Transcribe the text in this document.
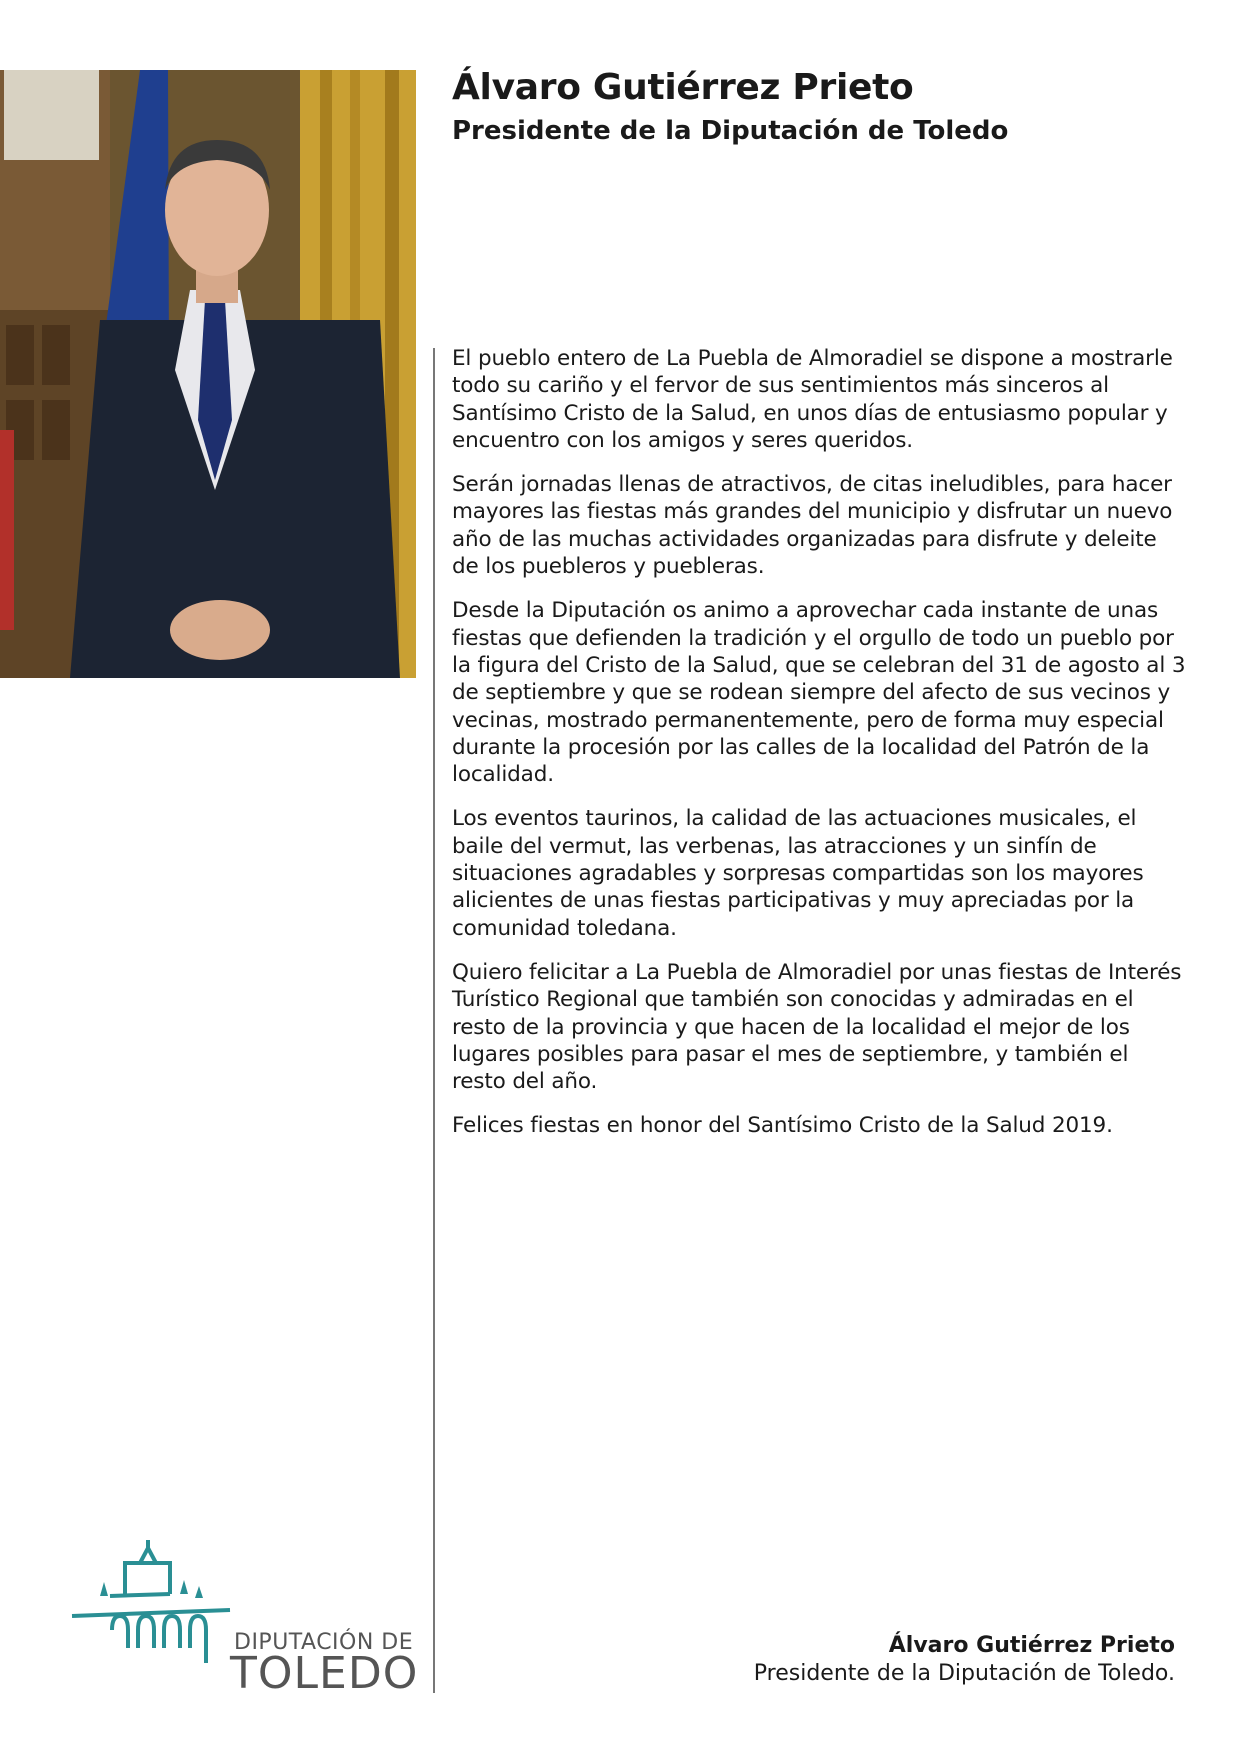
Álvaro Gutiérrez Prieto
Presidente de la Diputación de Toledo

El pueblo entero de La Puebla de Almoradiel se dispone a mostrarle todo su cariño y el fervor de sus sentimientos más sinceros al Santísimo Cristo de la Salud, en unos días de entusiasmo popular y encuentro con los amigos y seres queridos.

Serán jornadas llenas de atractivos, de citas ineludibles, para hacer mayores las fiestas más grandes del municipio y disfrutar un nuevo año de las muchas actividades organizadas para disfrute y deleite de los puebleros y puebleras.

Desde la Diputación os animo a aprovechar cada instante de unas fiestas que defienden la tradición y el orgullo de todo un pueblo por la figura del Cristo de la Salud, que se celebran del 31 de agosto al 3 de septiembre y que se rodean siempre del afecto de sus vecinos y vecinas, mostrado permanentemente, pero de forma muy especial durante la procesión por las calles de la localidad del Patrón de la localidad.

Los eventos taurinos, la calidad de las actuaciones musicales, el baile del vermut, las verbenas, las atracciones y un sinfín de situaciones agradables y sorpresas compartidas son los mayores alicientes de unas fiestas participativas y muy apreciadas por la comunidad toledana.

Quiero felicitar a La Puebla de Almoradiel por unas fiestas de Interés Turístico Regional que también son conocidas y admiradas en el resto de la provincia y que hacen de la localidad el mejor de los lugares posibles para pasar el mes de septiembre, y también el resto del año.

Felices fiestas en honor del Santísimo Cristo de la Salud 2019.

DIPUTACIÓN DE
TOLEDO
Álvaro Gutiérrez Prieto
Presidente de la Diputación de Toledo.
